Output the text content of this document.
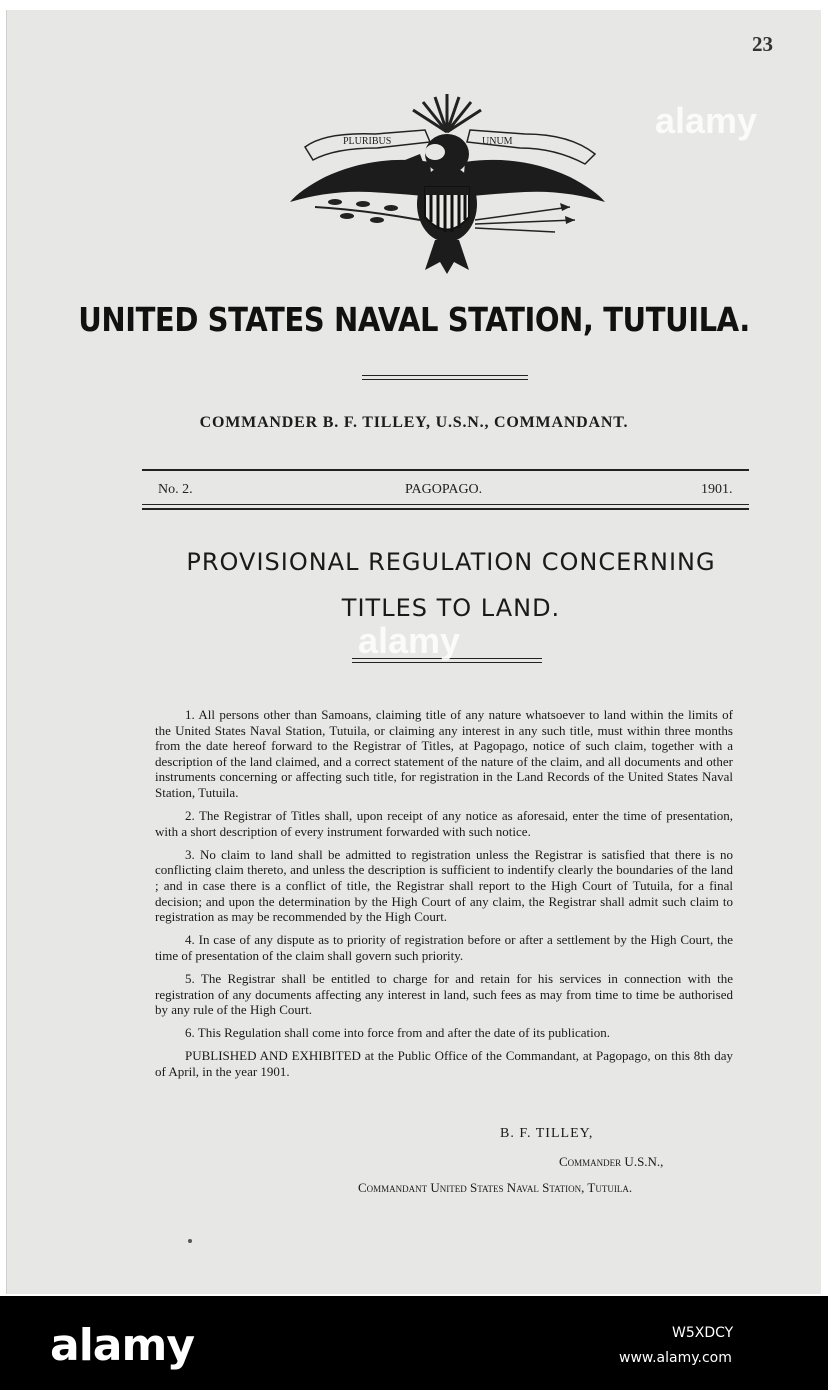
23
PLURIBUS	UNUM
UNITED STATES NAVAL STATION, TUTUILA.
COMMANDER B. F. TILLEY, U.S.N., COMMANDANT.
No. 2.	PAGOPAGO.	1901.
PROVISIONAL REGULATION CONCERNING
TITLES TO LAND.

1. All persons other than Samoans, claiming title of any nature whatsoever to land within the limits of the United States Naval Station, Tutuila, or claiming any interest in any such title, must within three months from the date hereof forward to the Registrar of Titles, at Pagopago, notice of such claim, together with a description of the land claimed, and a correct statement of the nature of the claim, and all documents and other instruments concerning or affecting such title, for registration in the Land Records of the United States Naval Station, Tutuila.

2. The Registrar of Titles shall, upon receipt of any notice as aforesaid, enter the time of presentation, with a short description of every instrument forwarded with such notice.

3. No claim to land shall be admitted to registration unless the Registrar is satisfied that there is no conflicting claim thereto, and unless the description is sufficient to indentify clearly the boundaries of the land ; and in case there is a conflict of title, the Registrar shall report to the High Court of Tutuila, for a final decision; and upon the determination by the High Court of any claim, the Registrar shall admit such claim to registration as may be recommended by the High Court.

4. In case of any dispute as to priority of registration before or after a settlement by the High Court, the time of presentation of the claim shall govern such priority.

5. The Registrar shall be entitled to charge for and retain for his services in connection with the registration of any documents affecting any interest in land, such fees as may from time to time be authorised by any rule of the High Court.

6. This Regulation shall come into force from and after the date of its publication.

PUBLISHED AND EXHIBITED at the Public Office of the Commandant, at Pagopago, on this 8th day of April, in the year 1901.

B. F. TILLEY,
Commander U.S.N.,
Commandant United States Naval Station, Tutuila.
alamy
alamy
alamy	W5XDCY
www.alamy.com
